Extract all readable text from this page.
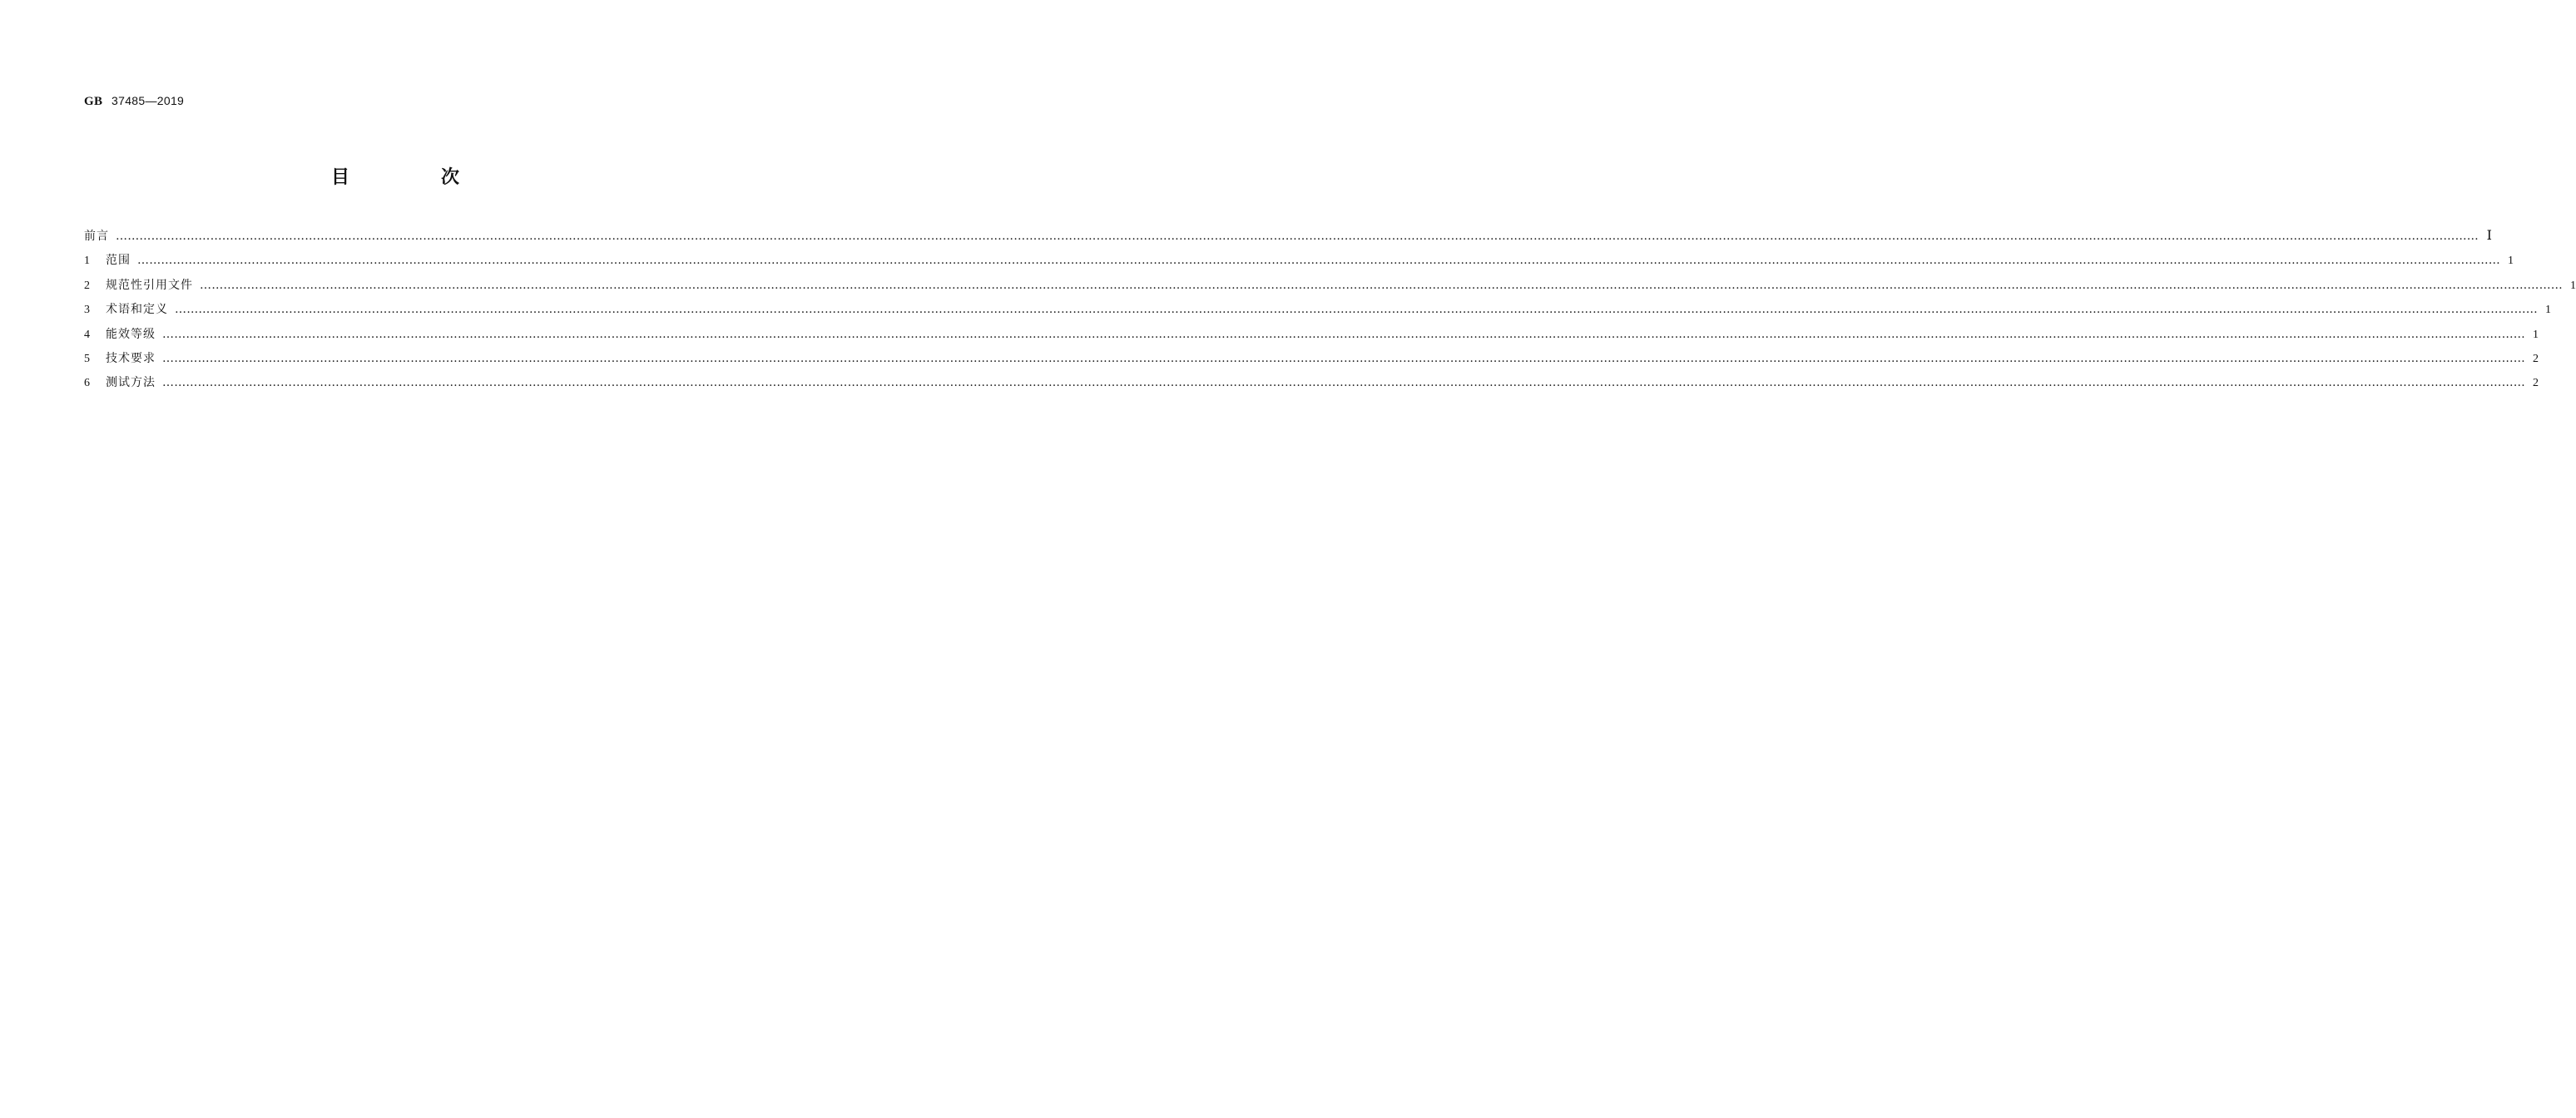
GB 37485—2019
目　次
前言 …………………………………………………………………………………………………………………………………………………………………………………………………………………………………………………………………………………………………………………………………………………………………………………………………………………………………………………………………………………………………………………………………………………… Ⅰ
1	范围 …………………………………………………………………………………………………………………………………………………………………………………………………………………………………………………………………………………………………………………………………………………………………………………………………………………………………………………………………………………………………………………………………………………… 1
2	规范性引用文件 …………………………………………………………………………………………………………………………………………………………………………………………………………………………………………………………………………………………………………………………………………………………………………………………………………………………………………………………………………………………………………………………………………………… 1
3	术语和定义 …………………………………………………………………………………………………………………………………………………………………………………………………………………………………………………………………………………………………………………………………………………………………………………………………………………………………………………………………………………………………………………………………………………… 1
4	能效等级 …………………………………………………………………………………………………………………………………………………………………………………………………………………………………………………………………………………………………………………………………………………………………………………………………………………………………………………………………………………………………………………………………………………… 1
5	技术要求 …………………………………………………………………………………………………………………………………………………………………………………………………………………………………………………………………………………………………………………………………………………………………………………………………………………………………………………………………………………………………………………………………………………… 2
6	测试方法 …………………………………………………………………………………………………………………………………………………………………………………………………………………………………………………………………………………………………………………………………………………………………………………………………………………………………………………………………………………………………………………………………………………… 2
